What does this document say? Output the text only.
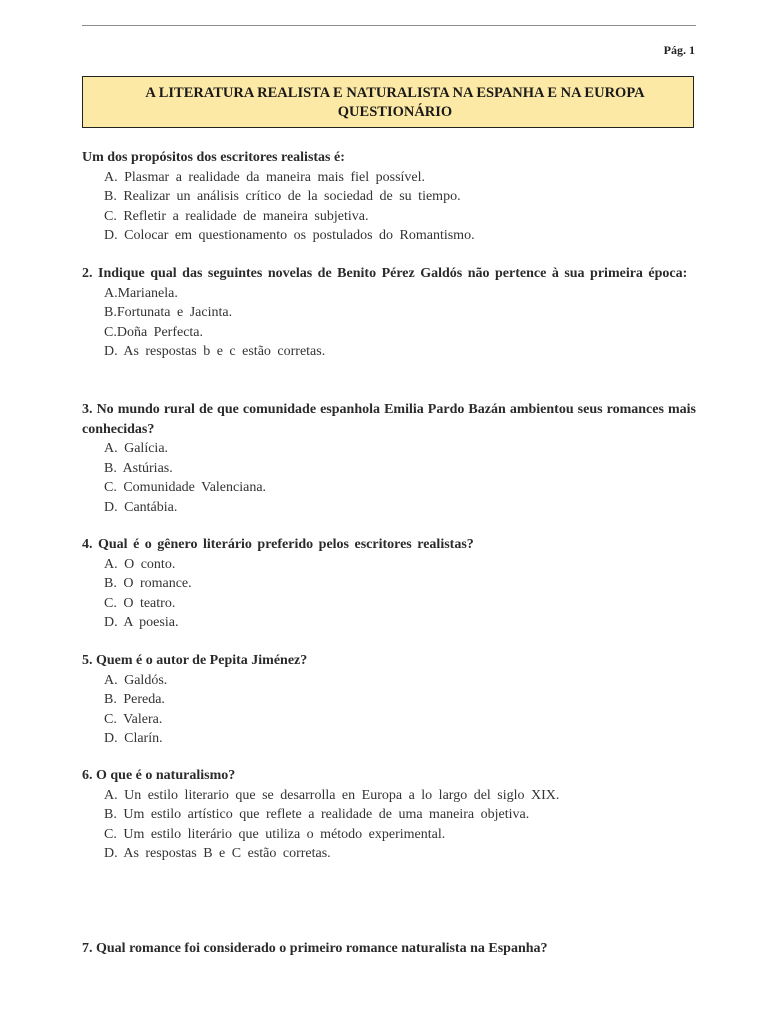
Pág. 1
A LITERATURA REALISTA E NATURALISTA NA ESPANHA E NA EUROPA
QUESTIONÁRIO
Um dos propósitos dos escritores realistas é:
A. Plasmar a realidade da maneira mais fiel possível.
B. Realizar un análisis crítico de la sociedad de su tiempo.
C. Refletir a realidade de maneira subjetiva.
D. Colocar em questionamento os postulados do Romantismo.
2. Indique qual das seguintes novelas de Benito Pérez Galdós não pertence à sua primeira época:
A.Marianela.
B.Fortunata e Jacinta.
C.Doña Perfecta.
D. As respostas b e c estão corretas.
3. No mundo rural de que comunidade espanhola Emilia Pardo Bazán ambientou seus romances mais conhecidas?
A. Galícia.
B. Astúrias.
C. Comunidade Valenciana.
D. Cantábia.
4. Qual é o gênero literário preferido pelos escritores realistas?
A. O conto.
B. O romance.
C. O teatro.
D. A poesia.
5. Quem é o autor de Pepita Jiménez?
A. Galdós.
B. Pereda.
C. Valera.
D. Clarín.
6. O que é o naturalismo?
A. Un estilo literario que se desarrolla en Europa a lo largo del siglo XIX.
B. Um estilo artístico que reflete a realidade de uma maneira objetiva.
C. Um estilo literário que utiliza o método experimental.
D. As respostas B e C estão corretas.
7. Qual romance foi considerado o primeiro romance naturalista na Espanha?
